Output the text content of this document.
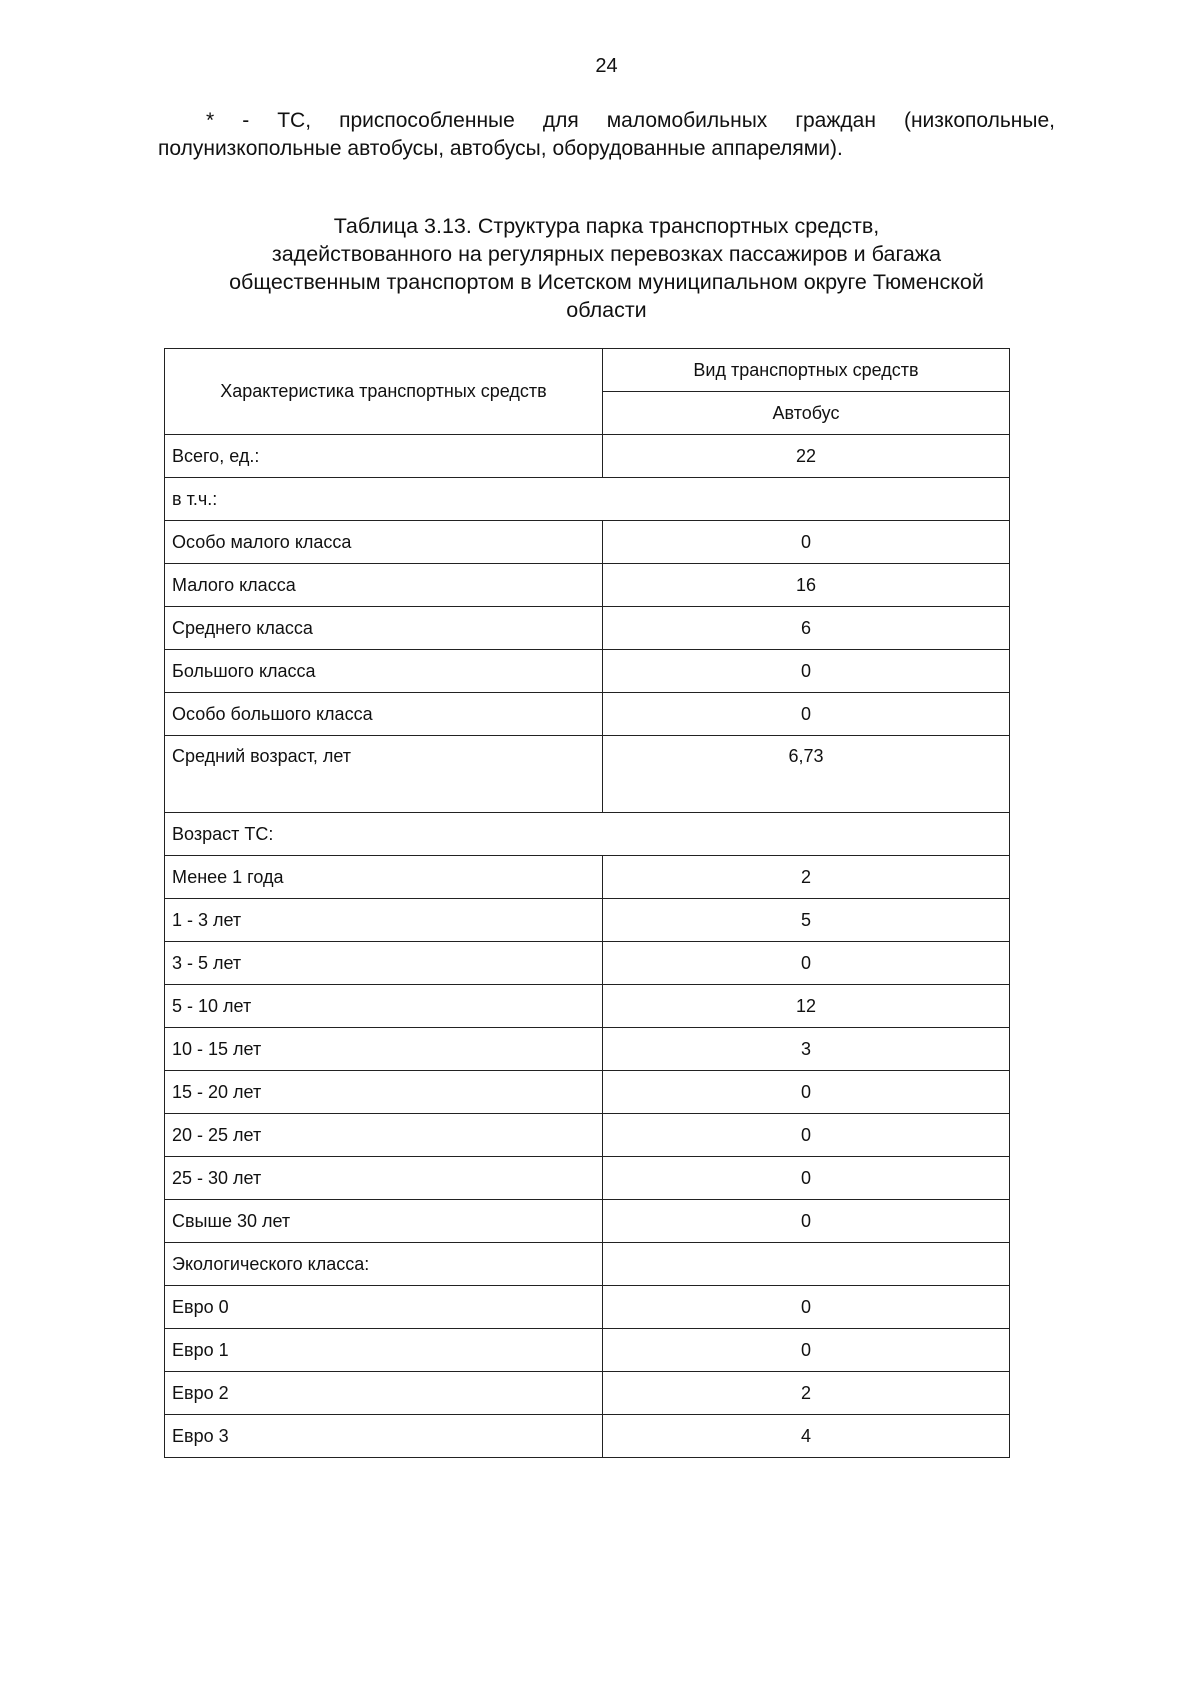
24
* - ТС, приспособленные для маломобильных граждан (низкопольные,
полунизкопольные автобусы, автобусы, оборудованные аппарелями).
Таблица 3.13. Структура парка транспортных средств,
задействованного на регулярных перевозках пассажиров и багажа
общественным транспортом в Исетском муниципальном округе Тюменской
области
Характеристика транспортных средств	Вид транспортных средств
	Автобус
Всего, ед.:	22
в т.ч.:	
Особо малого класса	0
Малого класса	16
Среднего класса	6
Большого класса	0
Особо большого класса	0
Средний возраст, лет	6,73
Возраст ТС:	
Менее 1 года	2
1 - 3 лет	5
3 - 5 лет	0
5 - 10 лет	12
10 - 15 лет	3
15 - 20 лет	0
20 - 25 лет	0
25 - 30 лет	0
Свыше 30 лет	0
Экологического класса:	
Евро 0	0
Евро 1	0
Евро 2	2
Евро 3	4
